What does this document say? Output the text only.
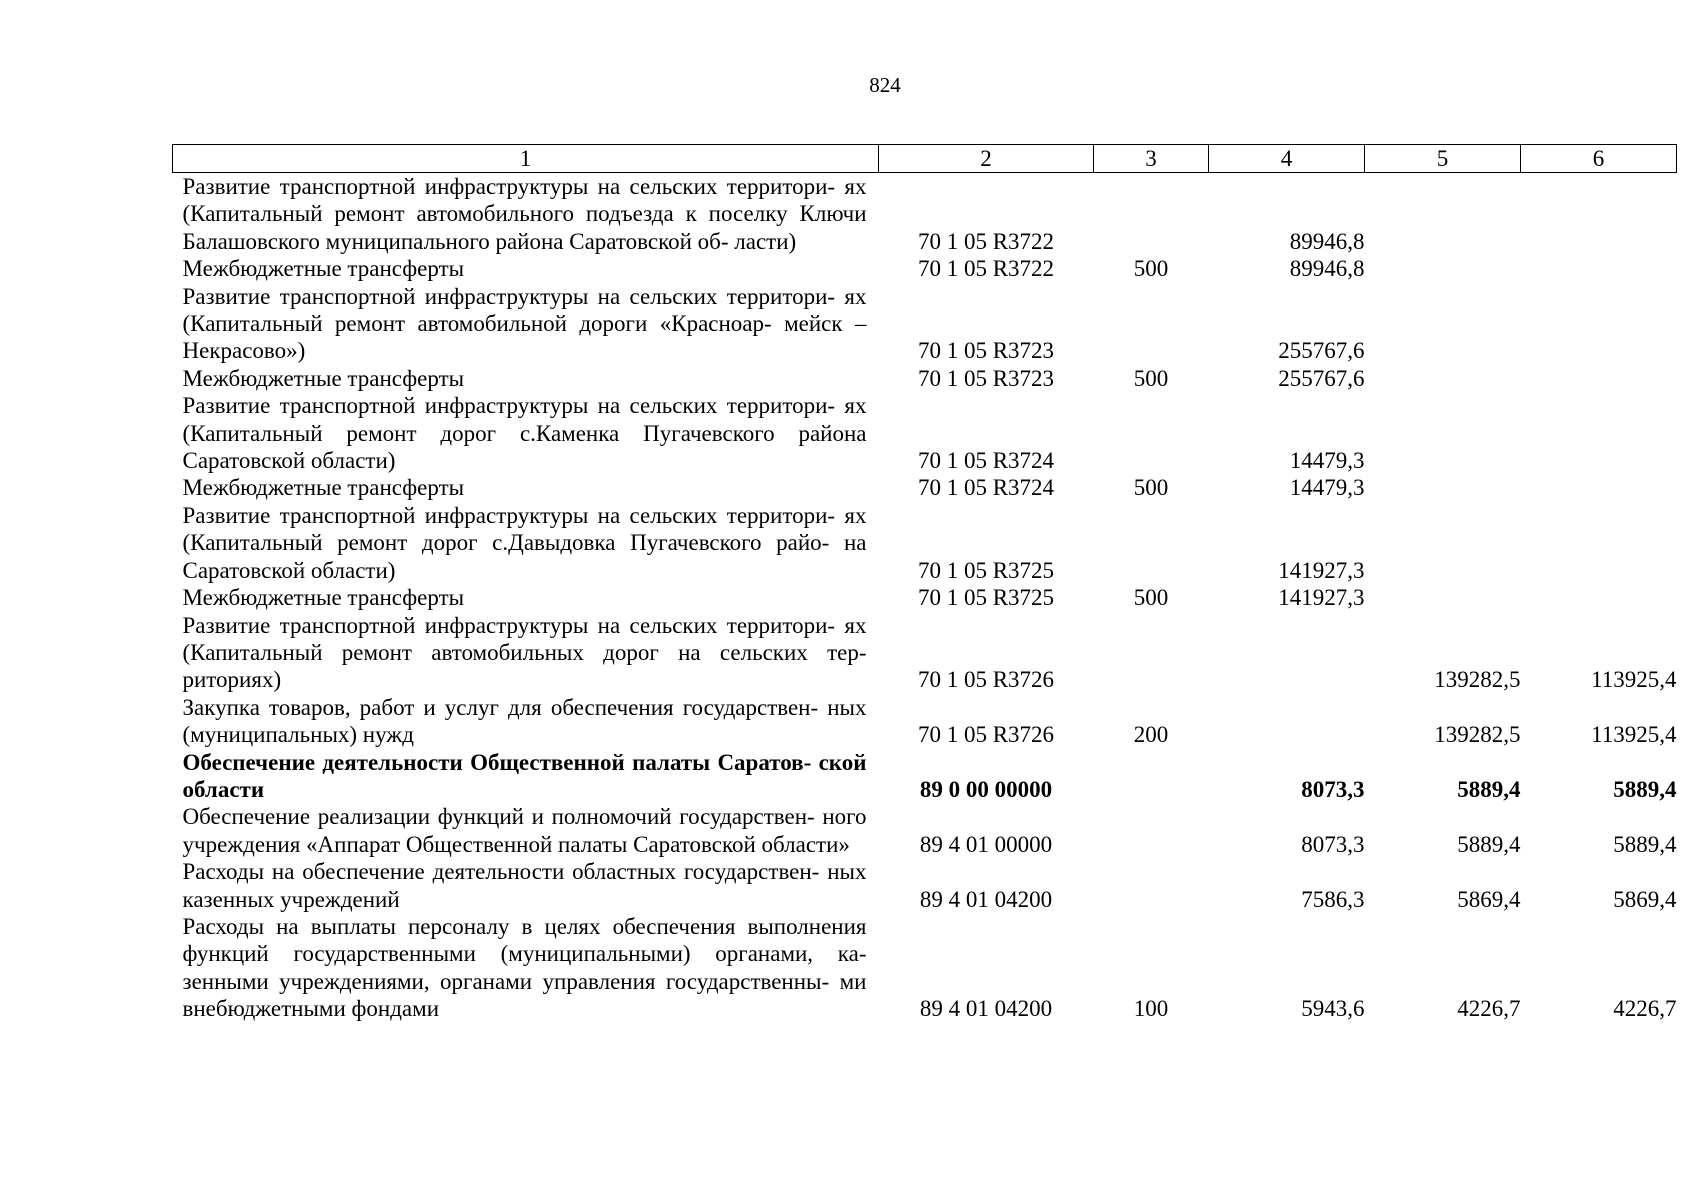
824
1	2	3	4	5	6
Развитие транспортной инфраструктуры на сельских территори- ях (Капитальный ремонт автомобильного подъезда к поселку Ключи Балашовского муниципального района Саратовской об- ласти)	70 1 05 R3722		89946,8		
Межбюджетные трансферты	70 1 05 R3722	500	89946,8		
Развитие транспортной инфраструктуры на сельских территори- ях (Капитальный ремонт автомобильной дороги «Красноар- мейск – Некрасово»)	70 1 05 R3723		255767,6		
Межбюджетные трансферты	70 1 05 R3723	500	255767,6		
Развитие транспортной инфраструктуры на сельских территори- ях (Капитальный ремонт дорог с.Каменка Пугачевского района Саратовской области)	70 1 05 R3724		14479,3		
Межбюджетные трансферты	70 1 05 R3724	500	14479,3		
Развитие транспортной инфраструктуры на сельских территори- ях (Капитальный ремонт дорог с.Давыдовка Пугачевского райо- на Саратовской области)	70 1 05 R3725		141927,3		
Межбюджетные трансферты	70 1 05 R3725	500	141927,3		
Развитие транспортной инфраструктуры на сельских территори- ях (Капитальный ремонт автомобильных дорог на сельских тер- риториях)	70 1 05 R3726			139282,5	113925,4
Закупка товаров, работ и услуг для обеспечения государствен- ных (муниципальных) нужд	70 1 05 R3726	200		139282,5	113925,4
Обеспечение деятельности Общественной палаты Саратов- ской области	89 0 00 00000		8073,3	5889,4	5889,4
Обеспечение реализации функций и полномочий государствен- ного учреждения «Аппарат Общественной палаты Саратовской области»	89 4 01 00000		8073,3	5889,4	5889,4
Расходы на обеспечение деятельности областных государствен- ных казенных учреждений	89 4 01 04200		7586,3	5869,4	5869,4
Расходы на выплаты персоналу в целях обеспечения выполнения функций государственными (муниципальными) органами, ка- зенными учреждениями, органами управления государственны- ми внебюджетными фондами	89 4 01 04200	100	5943,6	4226,7	4226,7
